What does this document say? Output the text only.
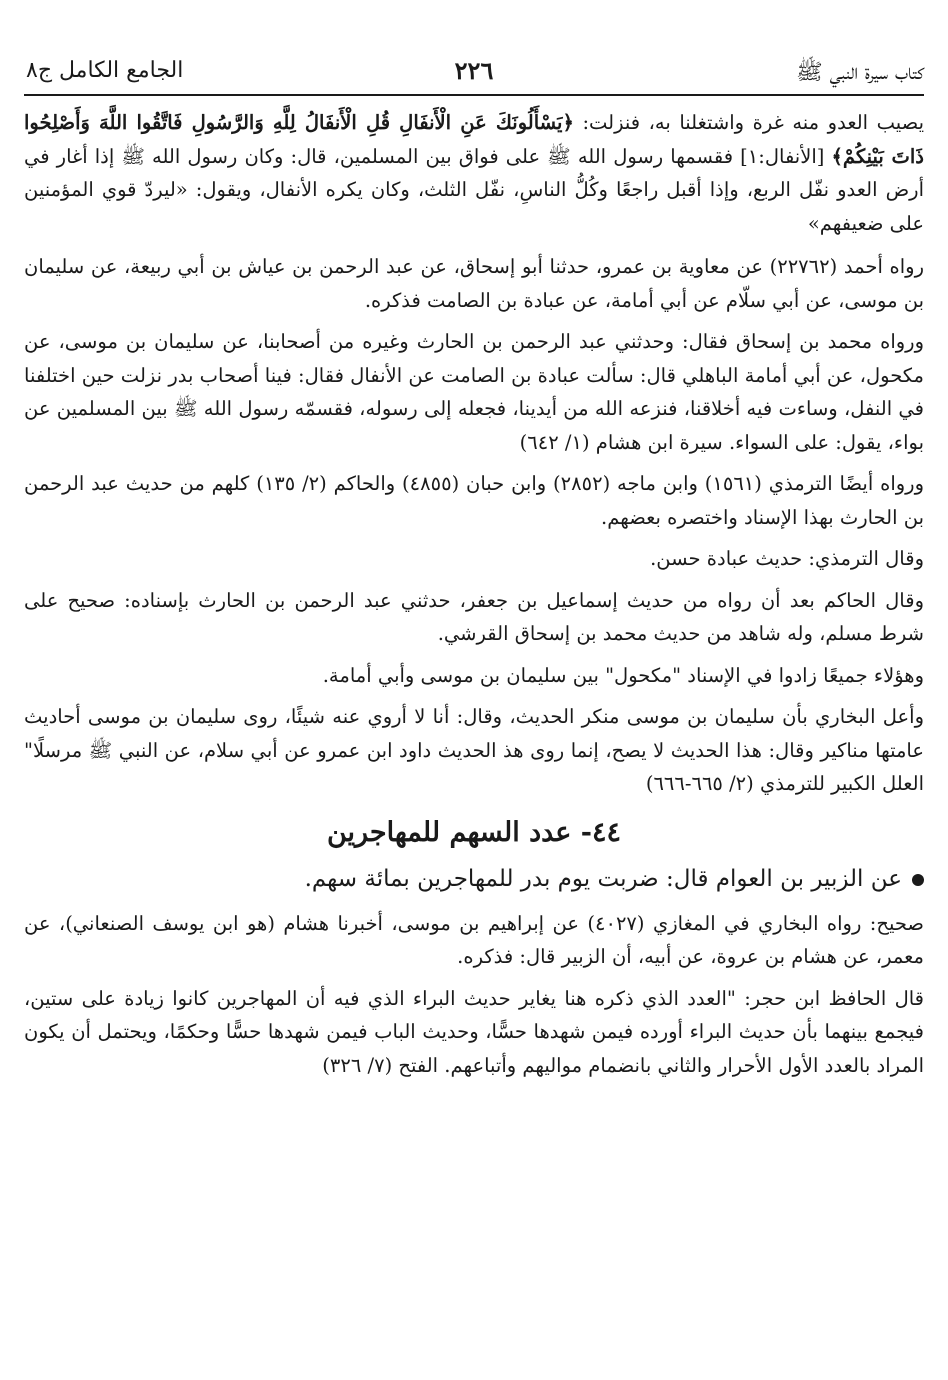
كتاب سيرة النبي ﷺ
٢٢٦
الجامع الكامل ج٨

يصيب العدو منه غرة واشتغلنا به، فنزلت: ﴿يَسْأَلُونَكَ عَنِ الْأَنفَالِ قُلِ الْأَنفَالُ لِلَّهِ وَالرَّسُولِ فَاتَّقُوا اللَّهَ وَأَصْلِحُوا ذَاتَ بَيْنِكُمْ﴾ [الأنفال:١] فقسمها رسول الله ﷺ على فواق بين المسلمين، قال: وكان رسول الله ﷺ إذا أغار في أرض العدو نفّل الربع، وإذا أقبل راجعًا وكُلُّ الناسِ، نفّل الثلث، وكان يكره الأنفال، ويقول: «ليردّ قوي المؤمنين على ضعيفهم»

رواه أحمد (٢٢٧٦٢) عن معاوية بن عمرو، حدثنا أبو إسحاق، عن عبد الرحمن بن عياش بن أبي ربيعة، عن سليمان بن موسى، عن أبي سلّام عن أبي أمامة، عن عبادة بن الصامت فذكره.

ورواه محمد بن إسحاق فقال: وحدثني عبد الرحمن بن الحارث وغيره من أصحابنا، عن سليمان بن موسى، عن مكحول، عن أبي أمامة الباهلي قال: سألت عبادة بن الصامت عن الأنفال فقال: فينا أصحاب بدر نزلت حين اختلفنا في النفل، وساءت فيه أخلاقنا، فنزعه الله من أيدينا، فجعله إلى رسوله، فقسمّه رسول الله ﷺ بين المسلمين عن بواء، يقول: على السواء. سيرة ابن هشام (١/ ٦٤٢)

ورواه أيضًا الترمذي (١٥٦١) وابن ماجه (٢٨٥٢) وابن حبان (٤٨٥٥) والحاكم (٢/ ١٣٥) كلهم من حديث عبد الرحمن بن الحارث بهذا الإسناد واختصره بعضهم.

وقال الترمذي: حديث عبادة حسن.

وقال الحاكم بعد أن رواه من حديث إسماعيل بن جعفر، حدثني عبد الرحمن بن الحارث بإسناده: صحيح على شرط مسلم، وله شاهد من حديث محمد بن إسحاق القرشي.

وهؤلاء جميعًا زادوا في الإسناد "مكحول" بين سليمان بن موسى وأبي أمامة.

وأعل البخاري بأن سليمان بن موسى منكر الحديث، وقال: أنا لا أروي عنه شيئًا، روى سليمان بن موسى أحاديث عامتها مناكير وقال: هذا الحديث لا يصح، إنما روى هذ الحديث داود ابن عمرو عن أبي سلام، عن النبي ﷺ مرسلًا" العلل الكبير للترمذي (٢/ ٦٦٥-٦٦٦)

٤٤- عدد السهم للمهاجرين

عن الزبير بن العوام قال: ضربت يوم بدر للمهاجرين بمائة سهم.

صحيح: رواه البخاري في المغازي (٤٠٢٧) عن إبراهيم بن موسى، أخبرنا هشام (هو ابن يوسف الصنعاني)، عن معمر، عن هشام بن عروة، عن أبيه، أن الزبير قال: فذكره.

قال الحافظ ابن حجر: "العدد الذي ذكره هنا يغاير حديث البراء الذي فيه أن المهاجرين كانوا زيادة على ستين، فيجمع بينهما بأن حديث البراء أورده فيمن شهدها حسًّا، وحديث الباب فيمن شهدها حسًّا وحكمًا، ويحتمل أن يكون المراد بالعدد الأول الأحرار والثاني بانضمام مواليهم وأتباعهم. الفتح (٧/ ٣٢٦)
